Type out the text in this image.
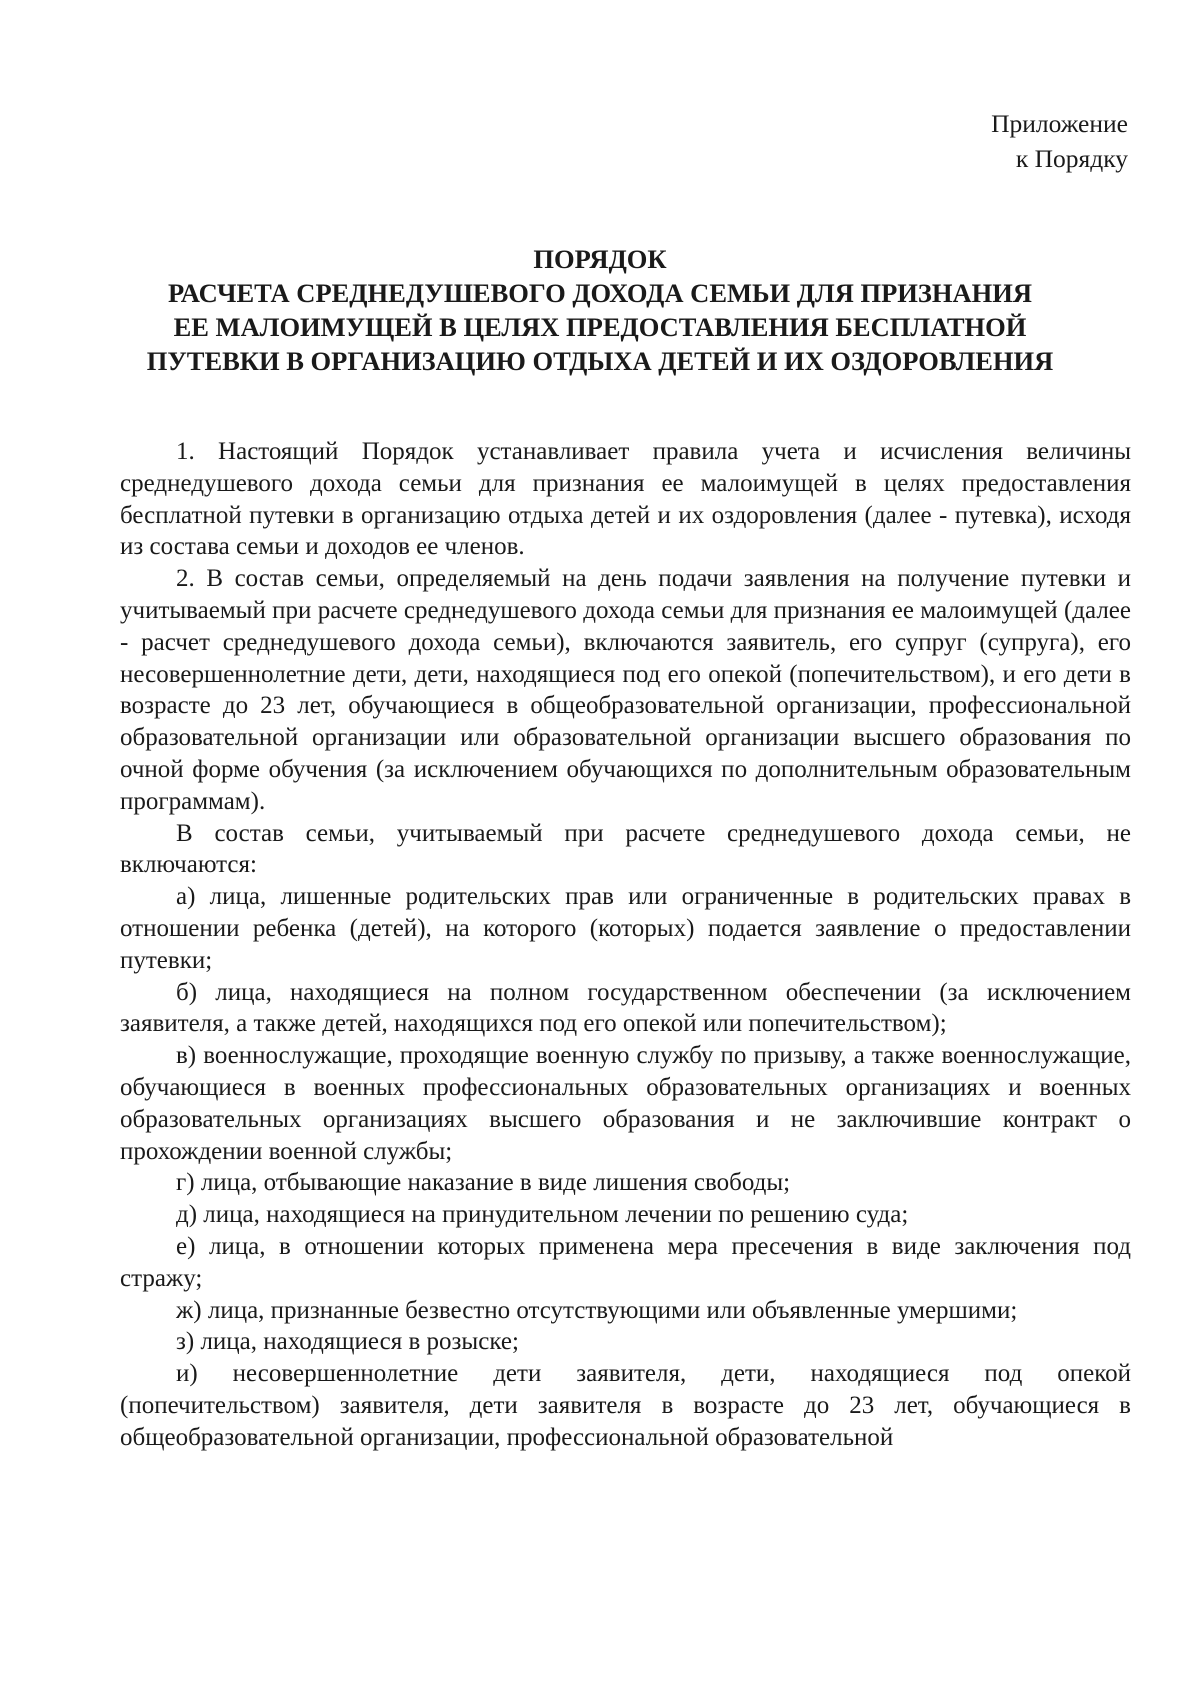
Приложение
к Порядку
ПОРЯДОК
РАСЧЕТА СРЕДНЕДУШЕВОГО ДОХОДА СЕМЬИ ДЛЯ ПРИЗНАНИЯ
ЕЕ МАЛОИМУЩЕЙ В ЦЕЛЯХ ПРЕДОСТАВЛЕНИЯ БЕСПЛАТНОЙ
ПУТЕВКИ В ОРГАНИЗАЦИЮ ОТДЫХА ДЕТЕЙ И ИХ ОЗДОРОВЛЕНИЯ

1. Настоящий Порядок устанавливает правила учета и исчисления величины среднедушевого дохода семьи для признания ее малоимущей в целях предоставления бесплатной путевки в организацию отдыха детей и их оздоровления (далее - путевка), исходя из состава семьи и доходов ее членов.

2. В состав семьи, определяемый на день подачи заявления на получение путевки и учитываемый при расчете среднедушевого дохода семьи для признания ее малоимущей (далее - расчет среднедушевого дохода семьи), включаются заявитель, его супруг (супруга), его несовершеннолетние дети, дети, находящиеся под его опекой (попечительством), и его дети в возрасте до 23 лет, обучающиеся в общеобразовательной организации, профессиональной образовательной организации или образовательной организации высшего образования по очной форме обучения (за исключением обучающихся по дополнительным образовательным программам).

В состав семьи, учитываемый при расчете среднедушевого дохода семьи, не включаются:

а) лица, лишенные родительских прав или ограниченные в родительских правах в отношении ребенка (детей), на которого (которых) подается заявление о предоставлении путевки;

б) лица, находящиеся на полном государственном обеспечении (за исключением заявителя, а также детей, находящихся под его опекой или попечительством);

в) военнослужащие, проходящие военную службу по призыву, а также военнослужащие, обучающиеся в военных профессиональных образовательных организациях и военных образовательных организациях высшего образования и не заключившие контракт о прохождении военной службы;

г) лица, отбывающие наказание в виде лишения свободы;

д) лица, находящиеся на принудительном лечении по решению суда;

е) лица, в отношении которых применена мера пресечения в виде заключения под стражу;

ж) лица, признанные безвестно отсутствующими или объявленные умершими;

з) лица, находящиеся в розыске;

и) несовершеннолетние дети заявителя, дети, находящиеся под опекой (попечительством) заявителя, дети заявителя в возрасте до 23 лет, обучающиеся в общеобразовательной организации, профессиональной образовательной
